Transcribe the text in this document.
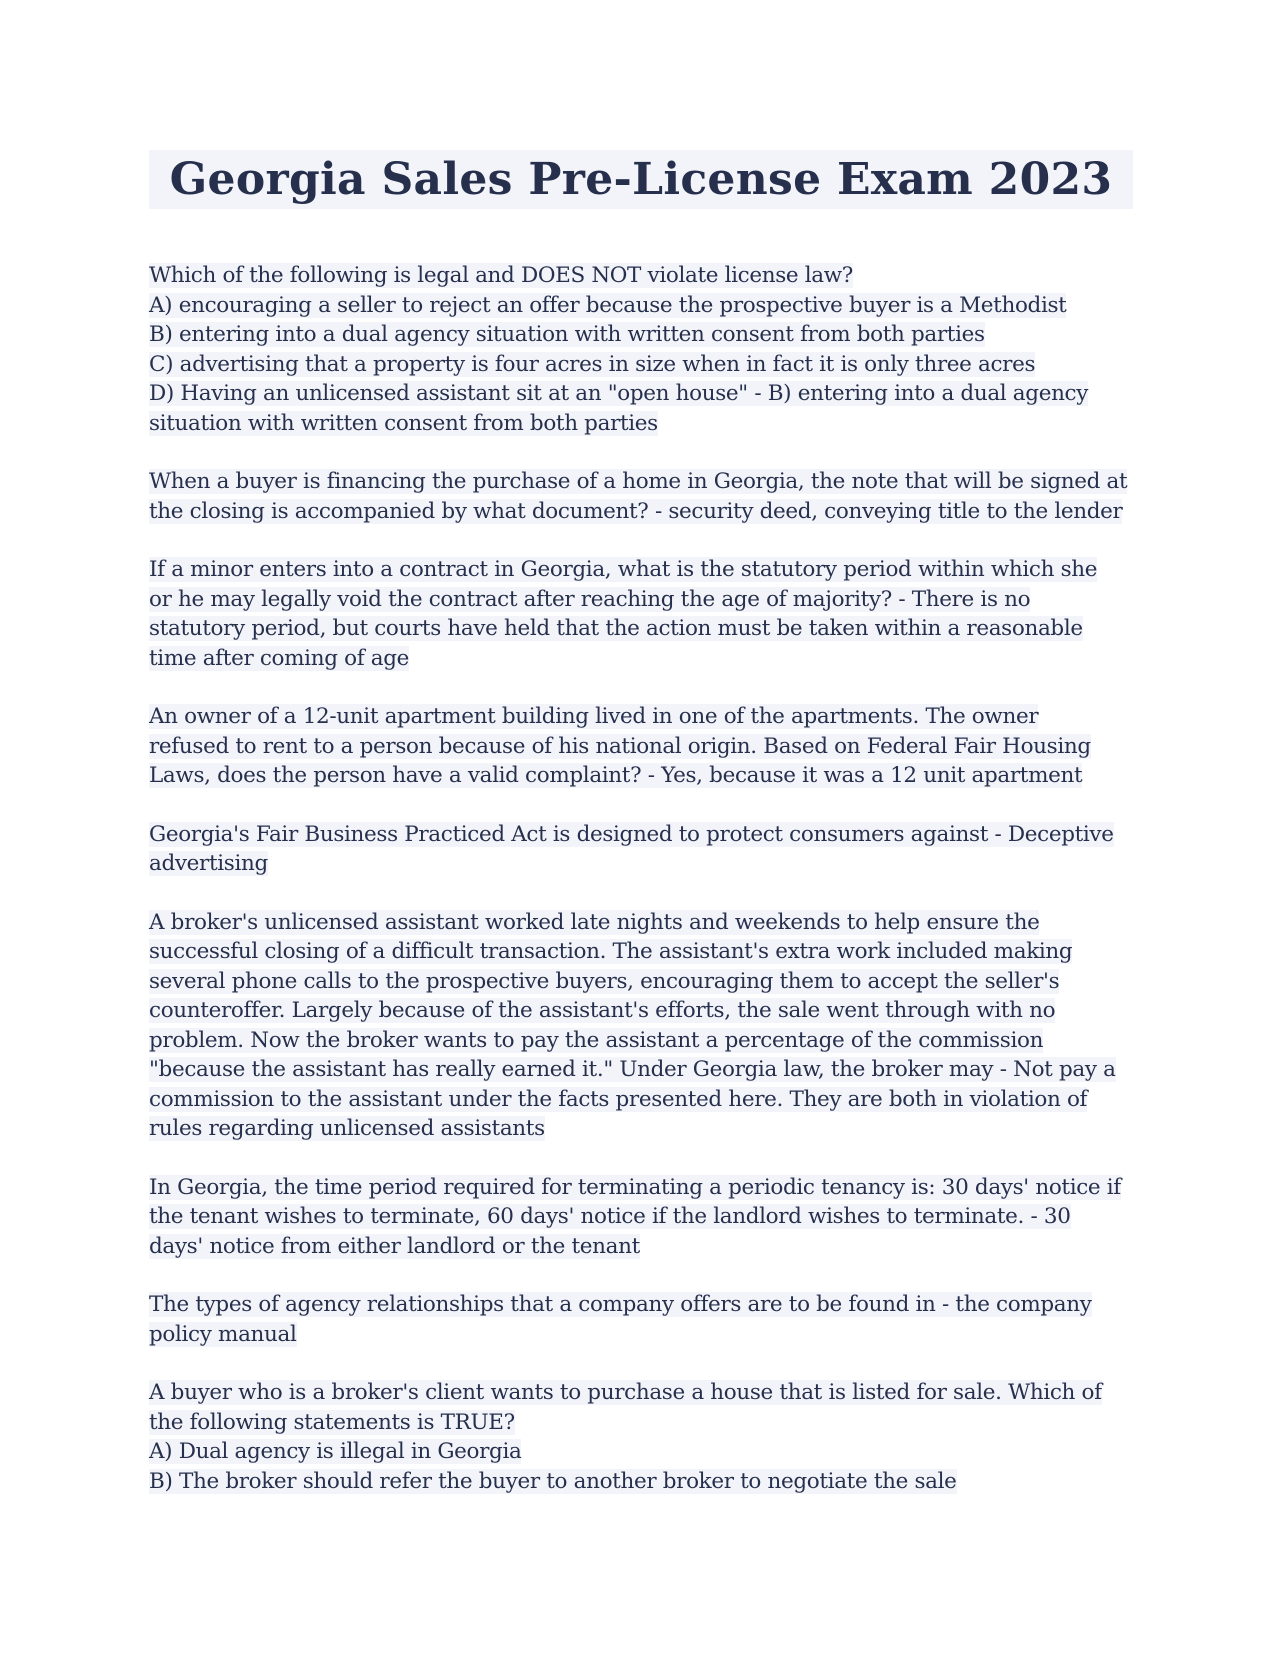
Georgia Sales Pre-License Exam 2023
Which of the following is legal and DOES NOT violate license law?
A) encouraging a seller to reject an offer because the prospective buyer is a Methodist
B) entering into a dual agency situation with written consent from both parties
C) advertising that a property is four acres in size when in fact it is only three acres
D) Having an unlicensed assistant sit at an "open house" - B) entering into a dual agency
situation with written consent from both parties
When a buyer is financing the purchase of a home in Georgia, the note that will be signed at
the closing is accompanied by what document? - security deed, conveying title to the lender
If a minor enters into a contract in Georgia, what is the statutory period within which she
or he may legally void the contract after reaching the age of majority? - There is no
statutory period, but courts have held that the action must be taken within a reasonable
time after coming of age
An owner of a 12-unit apartment building lived in one of the apartments. The owner
refused to rent to a person because of his national origin. Based on Federal Fair Housing
Laws, does the person have a valid complaint? - Yes, because it was a 12 unit apartment
Georgia's Fair Business Practiced Act is designed to protect consumers against - Deceptive
advertising
A broker's unlicensed assistant worked late nights and weekends to help ensure the
successful closing of a difficult transaction. The assistant's extra work included making
several phone calls to the prospective buyers, encouraging them to accept the seller's
counteroffer. Largely because of the assistant's efforts, the sale went through with no
problem. Now the broker wants to pay the assistant a percentage of the commission
"because the assistant has really earned it." Under Georgia law, the broker may - Not pay a
commission to the assistant under the facts presented here. They are both in violation of
rules regarding unlicensed assistants
In Georgia, the time period required for terminating a periodic tenancy is: 30 days' notice if
the tenant wishes to terminate, 60 days' notice if the landlord wishes to terminate. - 30
days' notice from either landlord or the tenant
The types of agency relationships that a company offers are to be found in - the company
policy manual
A buyer who is a broker's client wants to purchase a house that is listed for sale. Which of
the following statements is TRUE?
A) Dual agency is illegal in Georgia
B) The broker should refer the buyer to another broker to negotiate the sale
